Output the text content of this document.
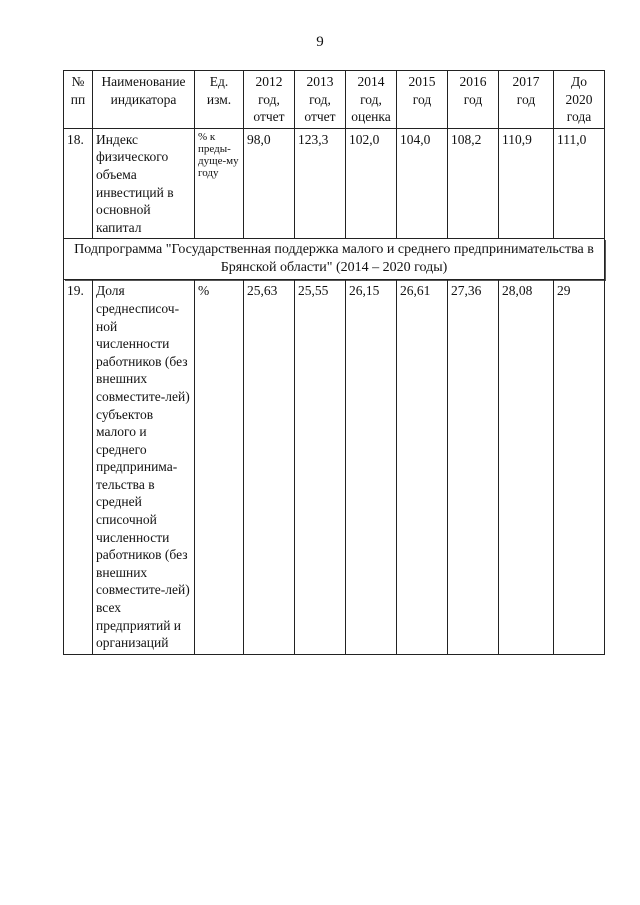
9
№ пп	Наименование индикатора	Ед. изм.	2012 год, отчет	2013 год, отчет	2014 год, оценка	2015 год	2016 год	2017 год	До 2020 года
18.	Индекс физического объема инвестиций в основной капитал	% к преды-дуще-му году	98,0	123,3	102,0	104,0	108,2	110,9	111,0
Подпрограмма "Государственная поддержка малого и среднего предпринимательства в Брянской области" (2014 – 2020 годы)									
19.	Доля среднесписоч-ной численности работников (без внешних совместите-лей) субъектов малого и среднего предпринима-тельства в средней списочной численности работников (без внешних совместите-лей) всех предприятий и организаций	%	25,63	25,55	26,15	26,61	27,36	28,08	29
